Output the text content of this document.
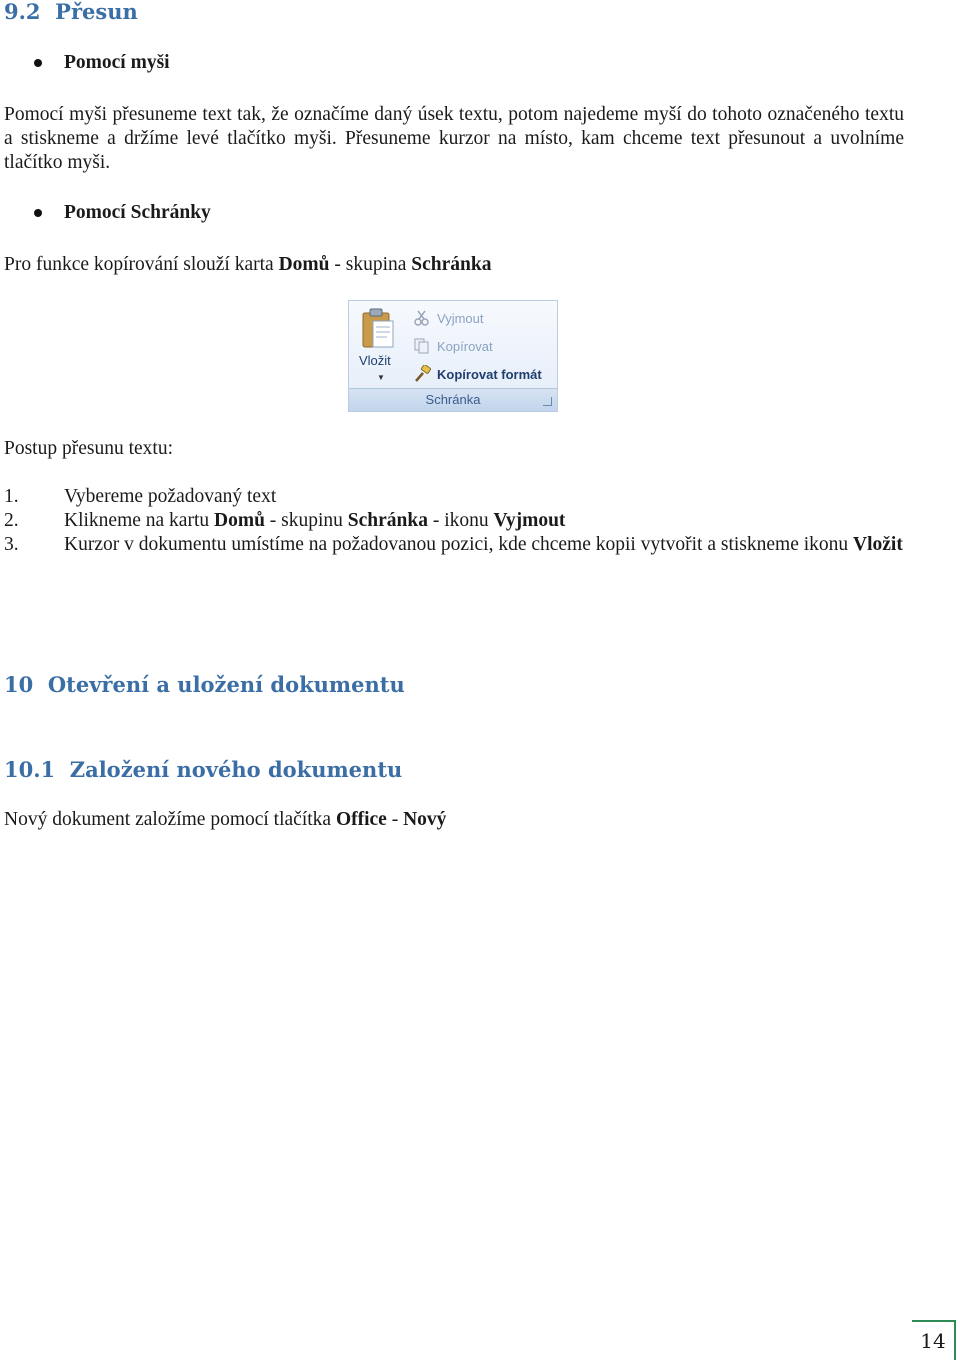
9.2  Přesun
Pomocí myši
Pomocí myši přesuneme text tak, že označíme daný úsek textu, potom najedeme myší do tohoto označeného textu a stiskneme a držíme levé tlačítko myši. Přesuneme kurzor na místo, kam chceme text přesunout a uvolníme tlačítko myši.
Pomocí Schránky
Pro funkce kopírování slouží karta Domů - skupina Schránka
Vložit
▼
Vyjmout
Kopírovat
Kopírovat formát
Schránka
Postup přesunu textu:
1.	Vybereme požadovaný text
2.	Klikneme na kartu Domů - skupinu Schránka - ikonu Vyjmout
3.	Kurzor v dokumentu umístíme na požadovanou pozici, kde chceme kopii vytvořit a stiskneme ikonu Vložit
10  Otevření a uložení dokumentu
10.1  Založení nového dokumentu
Nový dokument založíme pomocí tlačítka Office - Nový
14
